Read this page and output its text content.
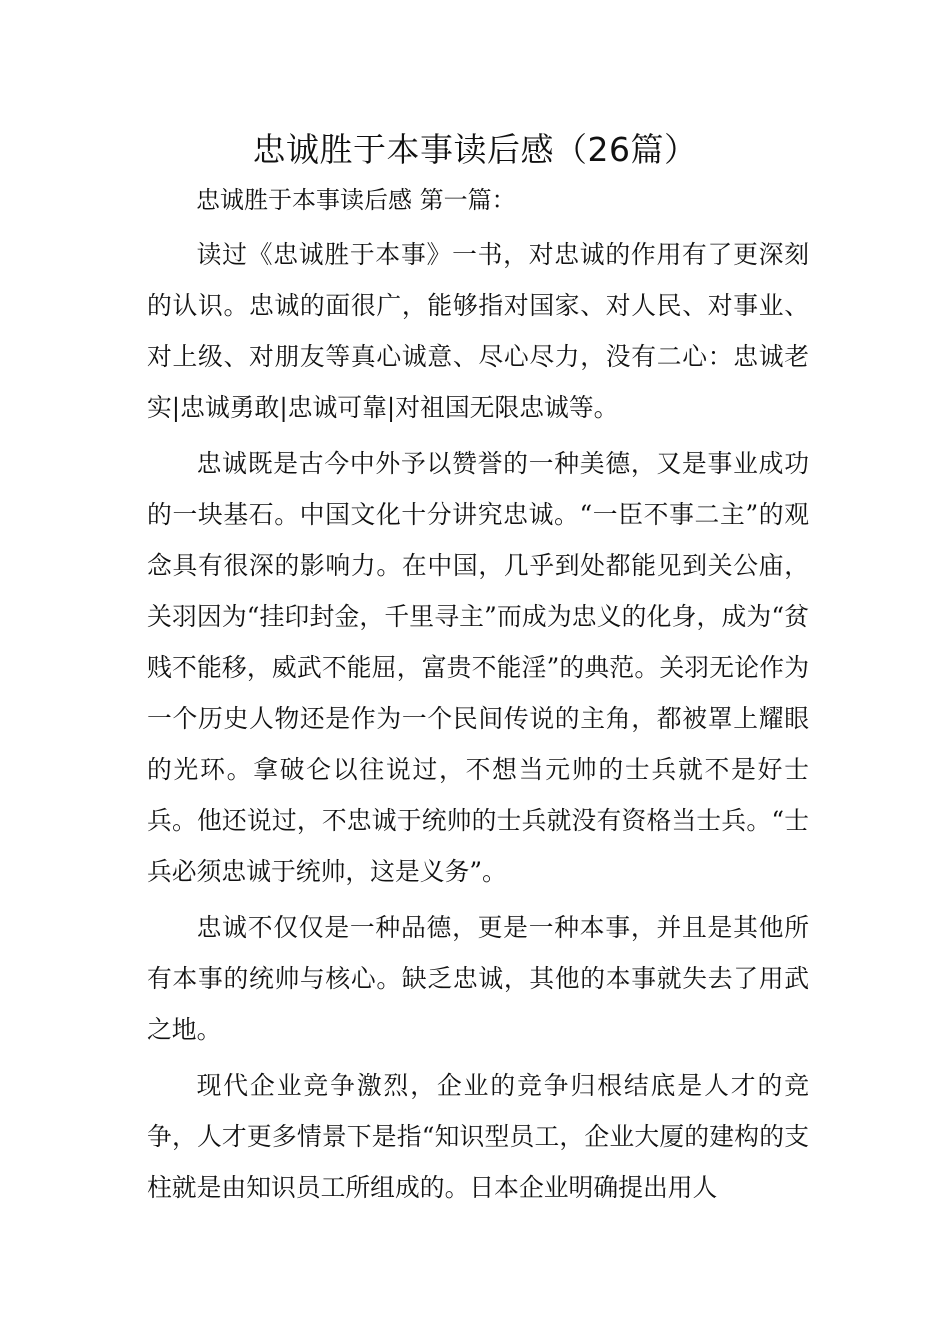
忠诚胜于本事读后感（26篇）

忠诚胜于本事读后感 第一篇：

读过《忠诚胜于本事》一书，对忠诚的作用有了更深刻的认识。忠诚的面很广，能够指对国家、对人民、对事业、对上级、对朋友等真心诚意、尽心尽力，没有二心：忠诚老实|忠诚勇敢|忠诚可靠|对祖国无限忠诚等。

忠诚既是古今中外予以赞誉的一种美德，又是事业成功的一块基石。中国文化十分讲究忠诚。“一臣不事二主”的观念具有很深的影响力。在中国，几乎到处都能见到关公庙，关羽因为“挂印封金，千里寻主”而成为忠义的化身，成为“贫贱不能移，威武不能屈，富贵不能淫”的典范。关羽无论作为一个历史人物还是作为一个民间传说的主角，都被罩上耀眼的光环。拿破仑以往说过，不想当元帅的士兵就不是好士兵。他还说过，不忠诚于统帅的士兵就没有资格当士兵。“士兵必须忠诚于统帅，这是义务”。

忠诚不仅仅是一种品德，更是一种本事，并且是其他所有本事的统帅与核心。缺乏忠诚，其他的本事就失去了用武之地。

现代企业竞争激烈，企业的竞争归根结底是人才的竞争，人才更多情景下是指“知识型员工，企业大厦的建构的支柱就是由知识员工所组成的。日本企业明确提出用人
